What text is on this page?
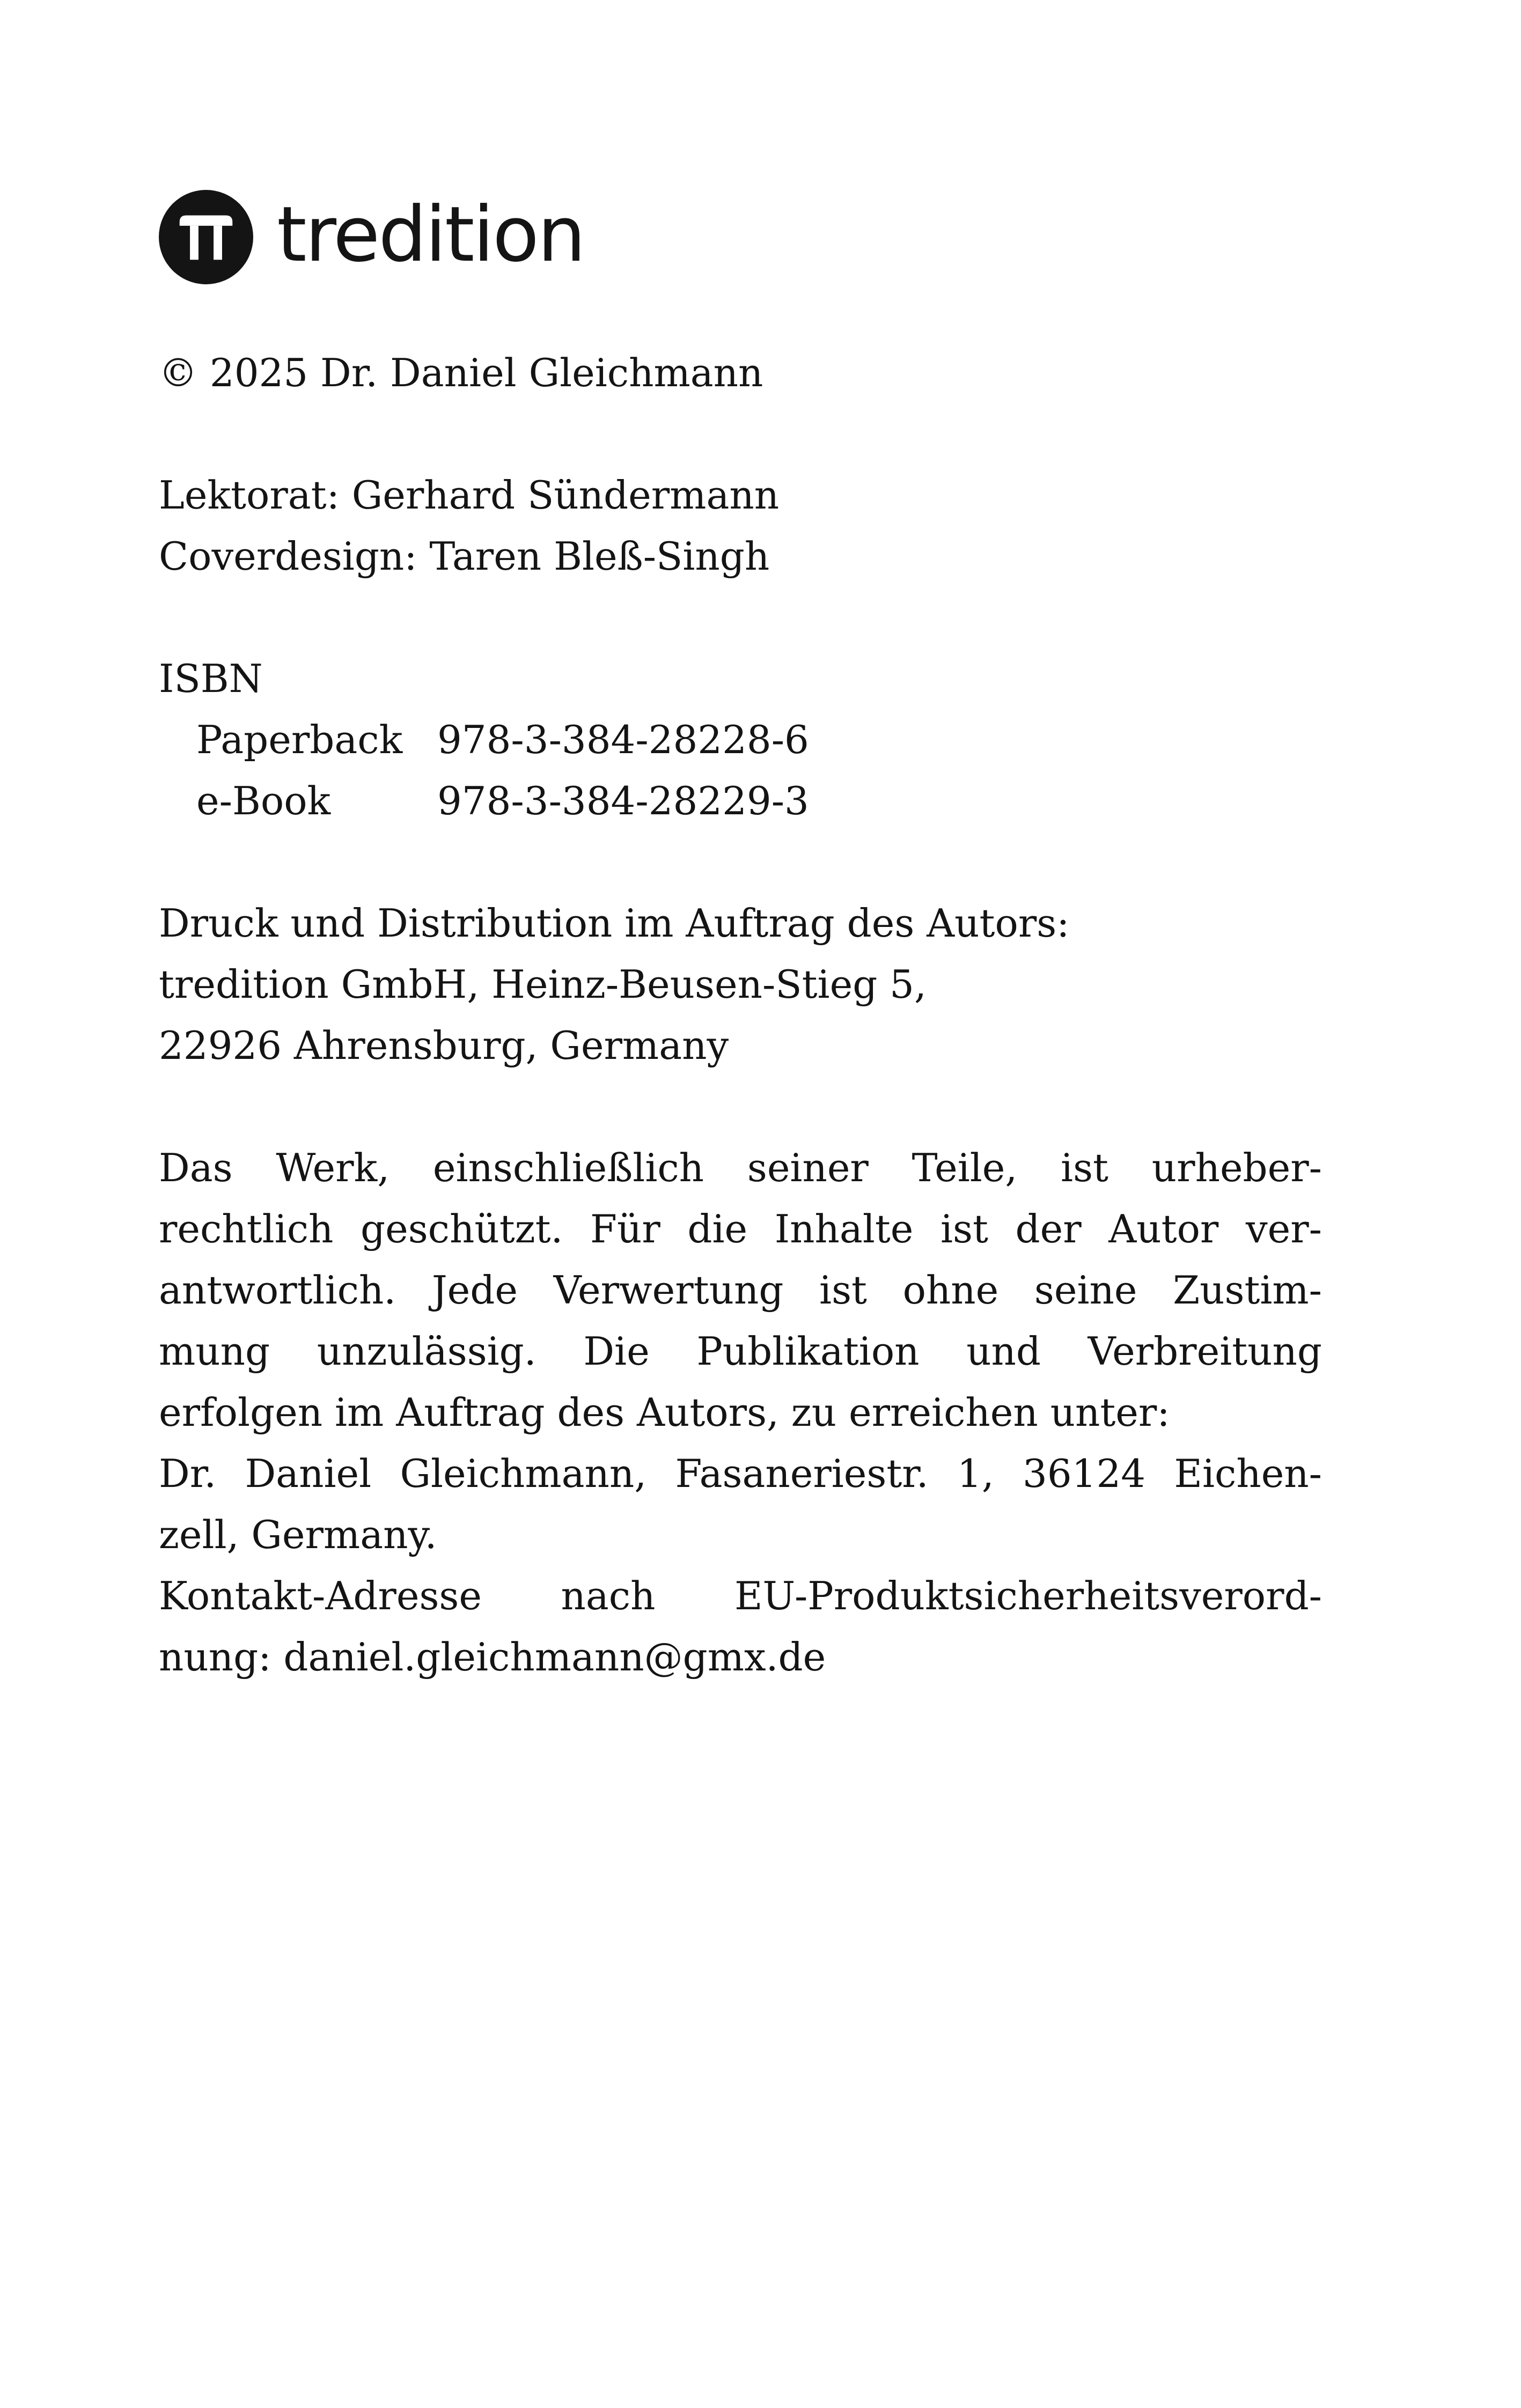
tredition
© 2025 Dr. Daniel Gleichmann
Lektorat: Gerhard Sündermann
Coverdesign: Taren Bleß-Singh
ISBN
Paperback 978-3-384-28228-6
e-Book	978-3-384-28229-3
Druck und Distribution im Auftrag des Autors:
tredition GmbH, Heinz-Beusen-Stieg 5,
22926 Ahrensburg, Germany
Das Werk, einschließlich seiner Teile, ist urheber-
rechtlich geschützt. Für die Inhalte ist der Autor ver-
antwortlich. Jede Verwertung ist ohne seine Zustim-
mung unzulässig. Die Publikation und Verbreitung
erfolgen im Auftrag des Autors, zu erreichen unter:
Dr. Daniel Gleichmann, Fasaneriestr. 1, 36124 Eichen-
zell, Germany.
Kontakt-Adresse nach EU-Produktsicherheitsverord-
nung: daniel.gleichmann@gmx.de
